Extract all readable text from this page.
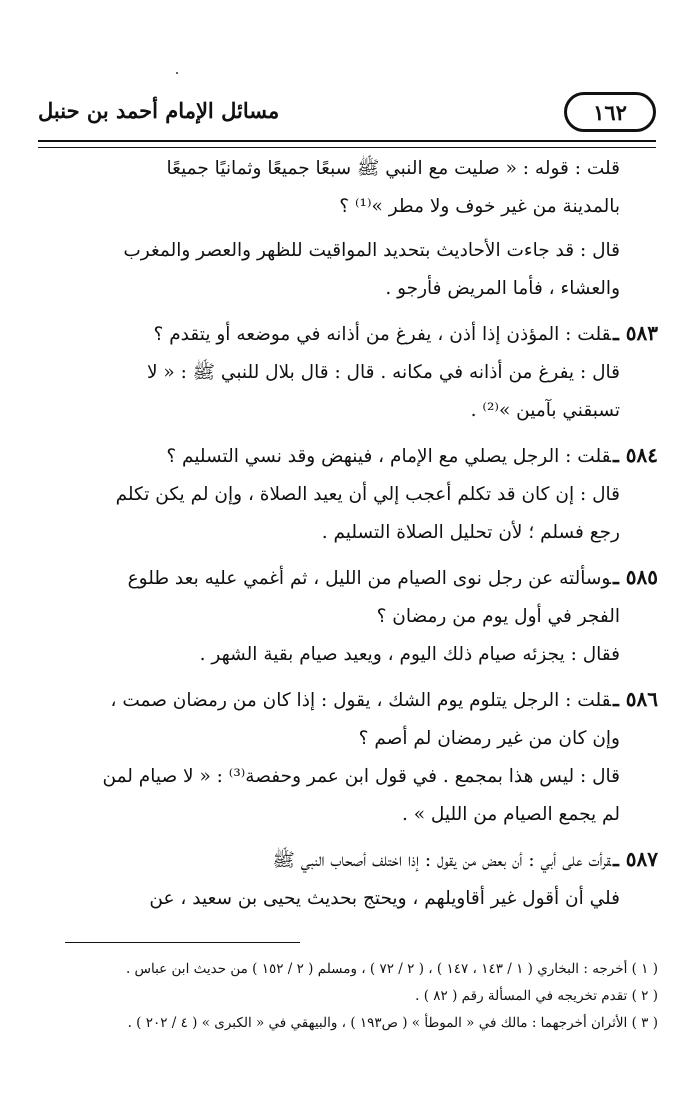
١٦٢
مسائل الإمام أحمد بن حنبل
قلت : قوله : « صليت مع النبي ﷺ سبعًا جميعًا وثمانيًا جميعًا
بالمدينة من غير خوف ولا مطر »⁽¹⁾ ؟
قال : قد جاءت الأحاديث بتحديد المواقيت للظهر والعصر والمغرب
والعشاء ، فأما المريض فأرجو .
٥٨٣ ـقلت : المؤذن إذا أذن ، يفرغ من أذانه في موضعه أو يتقدم ؟
قال : يفرغ من أذانه في مكانه . قال : قال بلال للنبي ﷺ : « لا
تسبقني بآمين »⁽²⁾ .
٥٨٤ ـقلت : الرجل يصلي مع الإمام ، فينهض وقد نسي التسليم ؟
قال : إن كان قد تكلم أعجب إلي أن يعيد الصلاة ، وإن لم يكن تكلم
رجع فسلم ؛ لأن تحليل الصلاة التسليم .
٥٨٥ ـوسألته عن رجل نوى الصيام من الليل ، ثم أغمي عليه بعد طلوع
الفجر في أول يوم من رمضان ؟
فقال : يجزئه صيام ذلك اليوم ، ويعيد صيام بقية الشهر .
٥٨٦ ـقلت : الرجل يتلوم يوم الشك ، يقول : إذا كان من رمضان صمت ،
وإن كان من غير رمضان لم أصم ؟
قال : ليس هذا بمجمع . في قول ابن عمر وحفصة⁽³⁾ : « لا صيام لمن
لم يجمع الصيام من الليل » .
٥٨٧ ـقرأت على أبي : أن بعض من يقول : إذا اختلف أصحاب النبي ﷺ
فلي أن أقول غير أقاويلهم ، ويحتج بحديث يحيى بن سعيد ، عن
( ١ ) أخرجه : البخاري ( ١ / ١٤٣ ، ١٤٧ ) ، ( ٢ / ٧٢ ) ، ومسلم ( ٢ / ١٥٢ ) من حديث ابن عباس .
( ٢ ) تقدم تخريجه في المسألة رقم ( ٨٢ ) .
( ٣ ) الأثران أخرجهما : مالك في « الموطأ » ( ص١٩٣ ) ، والبيهقي في « الكبرى » ( ٤ / ٢٠٢ ) .
